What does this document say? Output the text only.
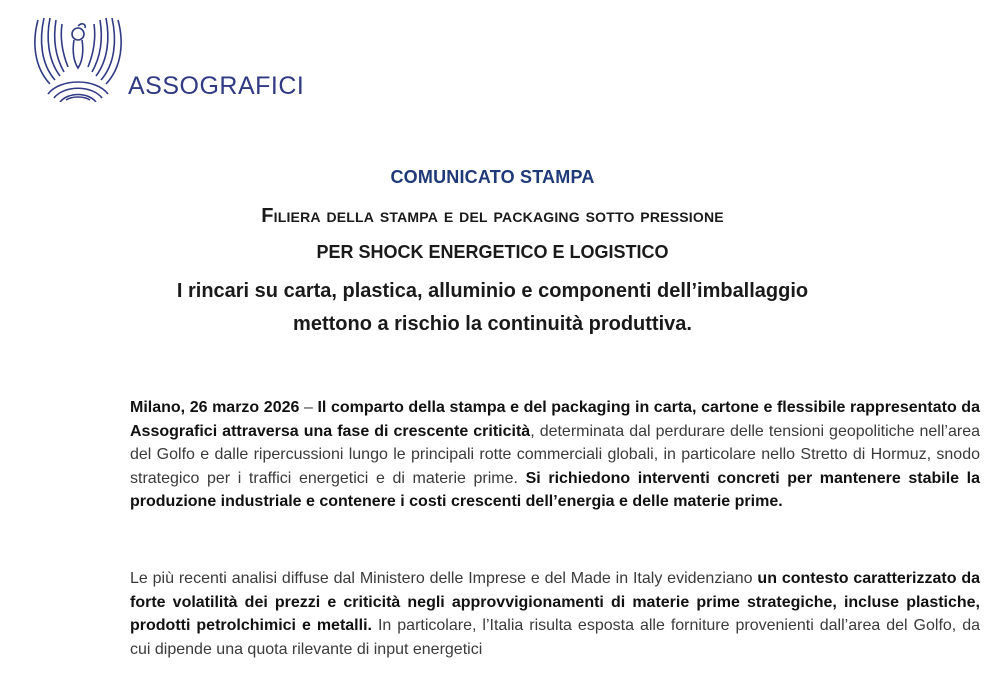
ASSOGRAFICI
COMUNICATO STAMPA
Filiera della stampa e del packaging sotto pressione
PER SHOCK ENERGETICO E LOGISTICO
I rincari su carta, plastica, alluminio e componenti dell’imballaggio
mettono a rischio la continuità produttiva.
Milano, 26 marzo 2026 – Il comparto della stampa e del packaging in carta, cartone e flessibile rappresentato da Assografici attraversa una fase di crescente criticità, determinata dal perdurare delle tensioni geopolitiche nell’area del Golfo e dalle ripercussioni lungo le principali rotte commerciali globali, in particolare nello Stretto di Hormuz, snodo strategico per i traffici energetici e di materie prime. Si richiedono interventi concreti per mantenere stabile la produzione industriale e contenere i costi crescenti dell’energia e delle materie prime.
Le più recenti analisi diffuse dal Ministero delle Imprese e del Made in Italy evidenziano un contesto caratterizzato da forte volatilità dei prezzi e criticità negli approvvigionamenti di materie prime strategiche, incluse plastiche, prodotti petrolchimici e metalli. In particolare, l’Italia risulta esposta alle forniture provenienti dall’area del Golfo, da cui dipende una quota rilevante di input energetici
